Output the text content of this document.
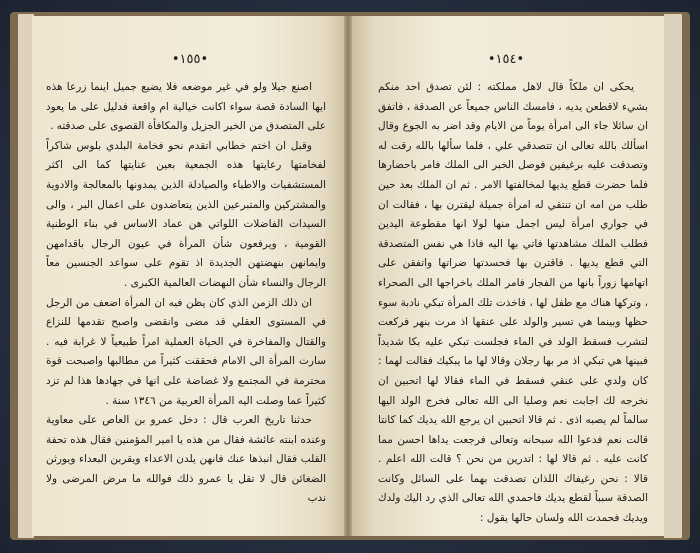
•١٥٥•

اصنع جيلا ولو في غير موضعه فلا يضيع جميل اينما زرعا هذه ايها السادة قصة سواء اكانت خيالية ام واقعة فدليل على ما يعود على المتصدق من الخير الجزيل والمكافأة القصوى على صدقته .

وقبل ان اختم خطابي اتقدم نحو فخامة البلدي بلوس شاكراً لفخامتها رعايتها هذه الجمعية بعين عنايتها كما الى اكثر المستشفيات والاطباء والصيادلة الذين يمدونها بالمعالجة والادوية والمشتركين والمتبرعين الذين يتعاضدون على اعمال البر ، والى السيدات الفاضلات اللواتي هن عماد الاساس في بناء الوطنية القومية ، ويرفعون شأن المرأة في عيون الرجال باقدامهن وايمانهن بنهضتهن الجديدة اذ تقوم على سواعد الجنسين معاً الرجال والنساء شأن النهضات العالمية الكبرى .

ان ذلك الزمن الذي كان يظن فيه ان المرأة اضعف من الرجل في المستوى العقلي قد مضى وانقضى واصبح تقدمها للنزاع والقتال والمفاخرة في الحياة العملية امراً طبيعياً لا غرابة فيه . سارت المرأة الى الامام فحققت كثيراً من مطالبها واصبحت قوة محترمة في المجتمع ولا غضاضة على انها في جهادها هذا لم تزد كثيراً عما وصلت اليه المرأة العربية من ١٣٤٦ سنة .

حدثنا تاريخ العرب قال : دخل عمرو بن العاص على معاوية وعنده ابنته عائشة فقال من هذه يا امير المؤمنين فقال هذه تحفة القلب فقال انبذها عنك فانهن يلدن الاعداء ويقربن البعداء ويورثن الضغائن قال لا تقل يا عمرو ذلك فوالله ما مرض المرضى ولا ندب

•١٥٤•

يحكى ان ملكاً قال لاهل مملكته : لئن تصدق احد منكم بشيء لاقطعن يديه ، فامسك الناس جميعاً عن الصدقة ، فاتفق ان سائلا جاء الى امرأة يوماً من الايام وقد اضر به الجوع وقال اسألك بالله تعالى ان تتصدقي علي ، فلما سألها بالله رقت له وتصدقت عليه برغيفين فوصل الخبر الى الملك فامر باحضارها فلما حضرت قطع يديها لمخالفتها الامر . ثم ان الملك بعد حين طلب من امه ان تنتقي له امرأة جميلة ليقترن بها ، فقالت ان في جواري امرأة ليس اجمل منها لولا انها مقطوعة اليدين فطلب الملك مشاهدتها فاتي بها اليه فاذا هي نفس المتصدقة التي قطع يديها . فاقترن بها فحسدتها ضراتها واتفقن على اتهامها زوراً بانها من الفجار فامر الملك باخراجها الى الصحراء ، وتركها هناك مع طفل لها ، فاخذت تلك المرأة تبكي نادبة سوء حظها وبينما هي تسير والولد على عنقها اذ مرت بنهر فركعت لتشرب فسقط الولد في الماء فجلست تبكي عليه بكا شديداً فبينها هي تبكي اذ مر بها رجلان وقالا لها ما يبكيك فقالت لهما : كان ولدي على عنقي فسقط في الماء فقالا لها اتحبين ان نخرجه لك اجابت نعم وصليا الى الله تعالى فخرج الولد اليها سالماً لم يصبه اذى . ثم قالا اتحبين ان يرجع الله يديك كما كانتا قالت نعم فدعوا الله سبحانه وتعالى فرجعت يداها احسن مما كانت عليه . ثم قالا لها : اتدرين من نحن ؟ قالت الله اعلم . قالا : نحن رغيفاك اللذان تصدقت بهما على السائل وكانت الصدقة سبباً لقطع يديك فاحمدي الله تعالى الذي رد اليك ولدك ويديك فحمدت الله ولسان حالها يقول :
